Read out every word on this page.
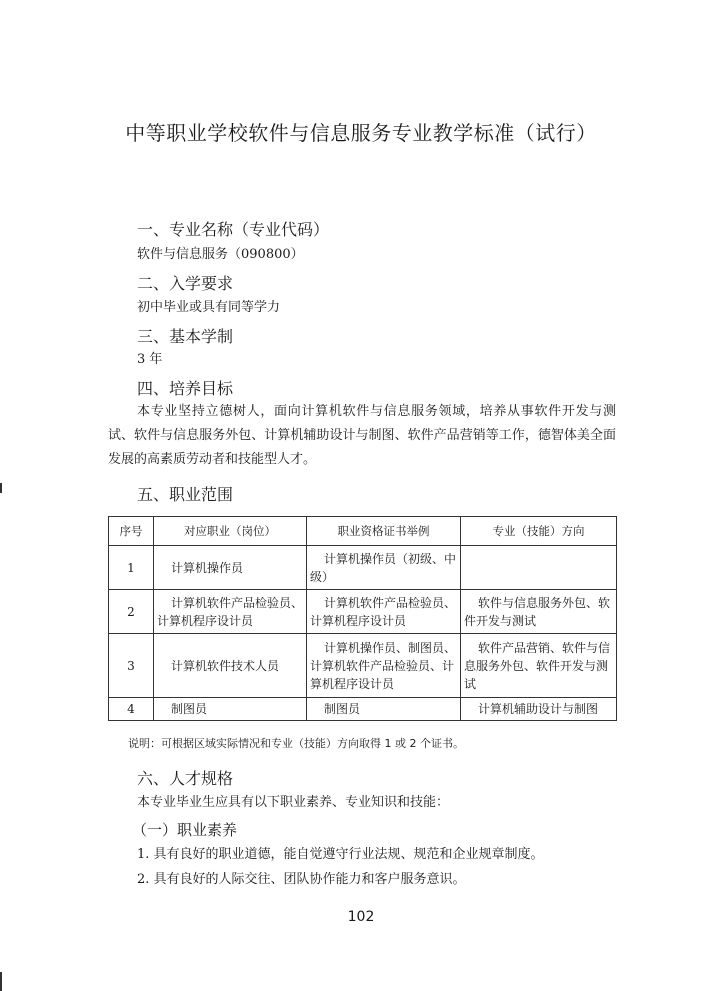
中等职业学校软件与信息服务专业教学标准（试行）
一、专业名称（专业代码）
软件与信息服务（090800）
二、入学要求
初中毕业或具有同等学力
三、基本学制
3 年
四、培养目标
本专业坚持立德树人，面向计算机软件与信息服务领域，培养从事软件开发与测试、软件与信息服务外包、计算机辅助设计与制图、软件产品营销等工作，德智体美全面发展的高素质劳动者和技能型人才。
五、职业范围
序号	对应职业（岗位）	职业资格证书举例	专业（技能）方向
1	计算机操作员	计算机操作员（初级、中级）	
2	计算机软件产品检验员、计算机程序设计员	计算机软件产品检验员、计算机程序设计员	软件与信息服务外包、软件开发与测试
3	计算机软件技术人员	计算机操作员、制图员、计算机软件产品检验员、计算机程序设计员	软件产品营销、软件与信息服务外包、软件开发与测试
4	制图员	制图员	计算机辅助设计与制图
说明：可根据区域实际情况和专业（技能）方向取得 1 或 2 个证书。
六、人才规格
本专业毕业生应具有以下职业素养、专业知识和技能：
（一）职业素养
1. 具有良好的职业道德，能自觉遵守行业法规、规范和企业规章制度。
2. 具有良好的人际交往、团队协作能力和客户服务意识。
102
